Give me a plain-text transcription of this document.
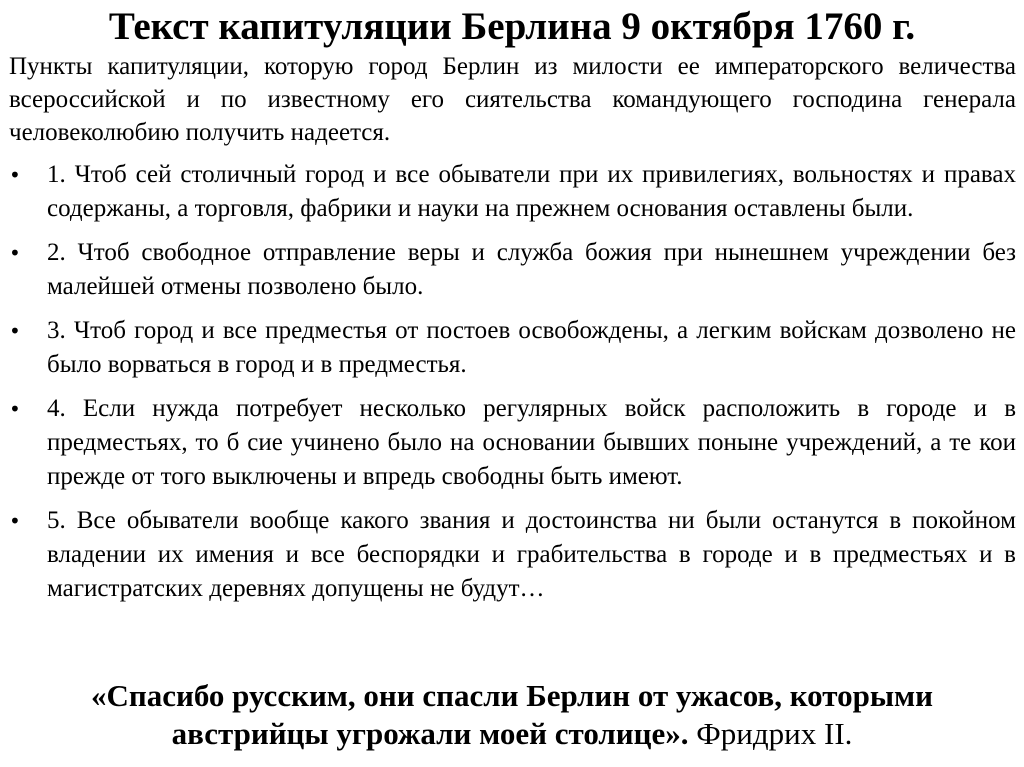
Текст капитуляции Берлина 9 октября 1760 г.

Пункты капитуляции, которую город Берлин из милости ее императорского величества всероссийской и по известному его сиятельства командующего господина генерала человеколюбию получить надеется.

• 1. Чтоб сей столичный город и все обыватели при их привилегиях, вольностях и правах содержаны, а торговля, фабрики и науки на прежнем основания оставлены были.
• 2. Чтоб свободное отправление веры и служба божия при нынешнем учреждении без малейшей отмены позволено было.
• 3. Чтоб город и все предместья от постоев освобождены, а легким войскам дозволено не было ворваться в город и в предместья.
• 4. Если нужда потребует несколько регулярных войск расположить в городе и в предместьях, то б сие учинено было на основании бывших поныне учреждений, а те кои прежде от того выключены и впредь свободны быть имеют.
• 5. Все обыватели вообще какого звания и достоинства ни были останутся в покойном владении их имения и все беспорядки и грабительства в городе и в предместьях и в магистратских деревнях допущены не будут…

«Спасибо русским, они спасли Берлин от ужасов, которыми австрийцы угрожали моей столице». Фридрих II.
